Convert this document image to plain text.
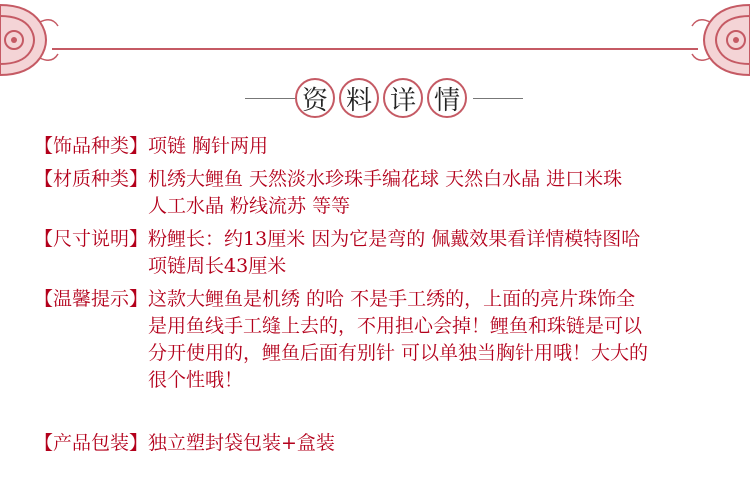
资 料 详 情
【饰品种类】 项链 胸针两用
【材质种类】 机绣大鲤鱼 天然淡水珍珠手编花球 天然白水晶 进口米珠
人工水晶 粉线流苏 等等
【尺寸说明】 粉鲤长：约13厘米 因为它是弯的 佩戴效果看详情模特图哈
项链周长43厘米
【温馨提示】 这款大鲤鱼是机绣 的哈 不是手工绣的，上面的亮片珠饰全
是用鱼线手工缝上去的，不用担心会掉！鲤鱼和珠链是可以
分开使用的，鲤鱼后面有别针 可以单独当胸针用哦！大大的
很个性哦！
【产品包装】 独立塑封袋包装+盒装
